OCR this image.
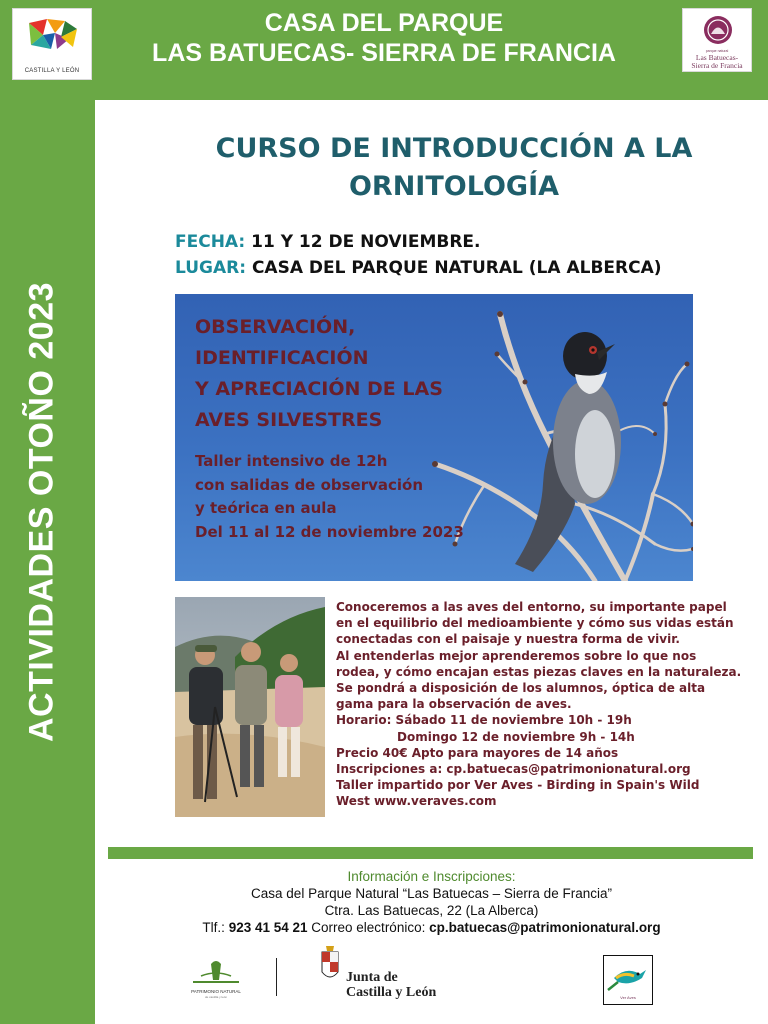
CASTILLA Y LEÓN
CASA DEL PARQUE
LAS BATUECAS- SIERRA DE FRANCIA	parque natural
Las Batuecas-
Sierra de Francia
ACTIVIDADES OTOÑO 2023
CURSO DE INTRODUCCIÓN A LA
ORNITOLOGÍA
FECHA: 11 Y 12 DE NOVIEMBRE.
LUGAR: CASA DEL PARQUE NATURAL (LA ALBERCA)
OBSERVACIÓN,
IDENTIFICACIÓN
Y APRECIACIÓN DE LAS
AVES SILVESTRES
Taller intensivo de 12h
con salidas de observación
y teórica en aula
Del 11 al 12 de noviembre 2023
Conoceremos a las aves del entorno, su importante papel
en el equilibrio del medioambiente y cómo sus vidas están
conectadas con el paisaje y nuestra forma de vivir.
Al entenderlas mejor aprenderemos sobre lo que nos
rodea, y cómo encajan estas piezas claves en la naturaleza.
Se pondrá a disposición de los alumnos, óptica de alta
gama para la observación de aves.
Horario: Sábado 11 de noviembre 10h - 19h
Domingo 12 de noviembre 9h - 14h
Precio 40€ Apto para mayores de 14 años
Inscripciones a: cp.batuecas@patrimonionatural.org
Taller impartido por Ver Aves - Birding in Spain's Wild
West www.veraves.com
Información e Inscripciones:
Casa del Parque Natural “Las Batuecas – Sierra de Francia”
Ctra. Las Batuecas, 22 (La Alberca)
Tlf.: 923 41 54 21 Correo electrónico: cp.batuecas@patrimonionatural.org
PATRIMONIO NATURAL
de castilla y león
Junta de
Castilla y León	Ver Aves
